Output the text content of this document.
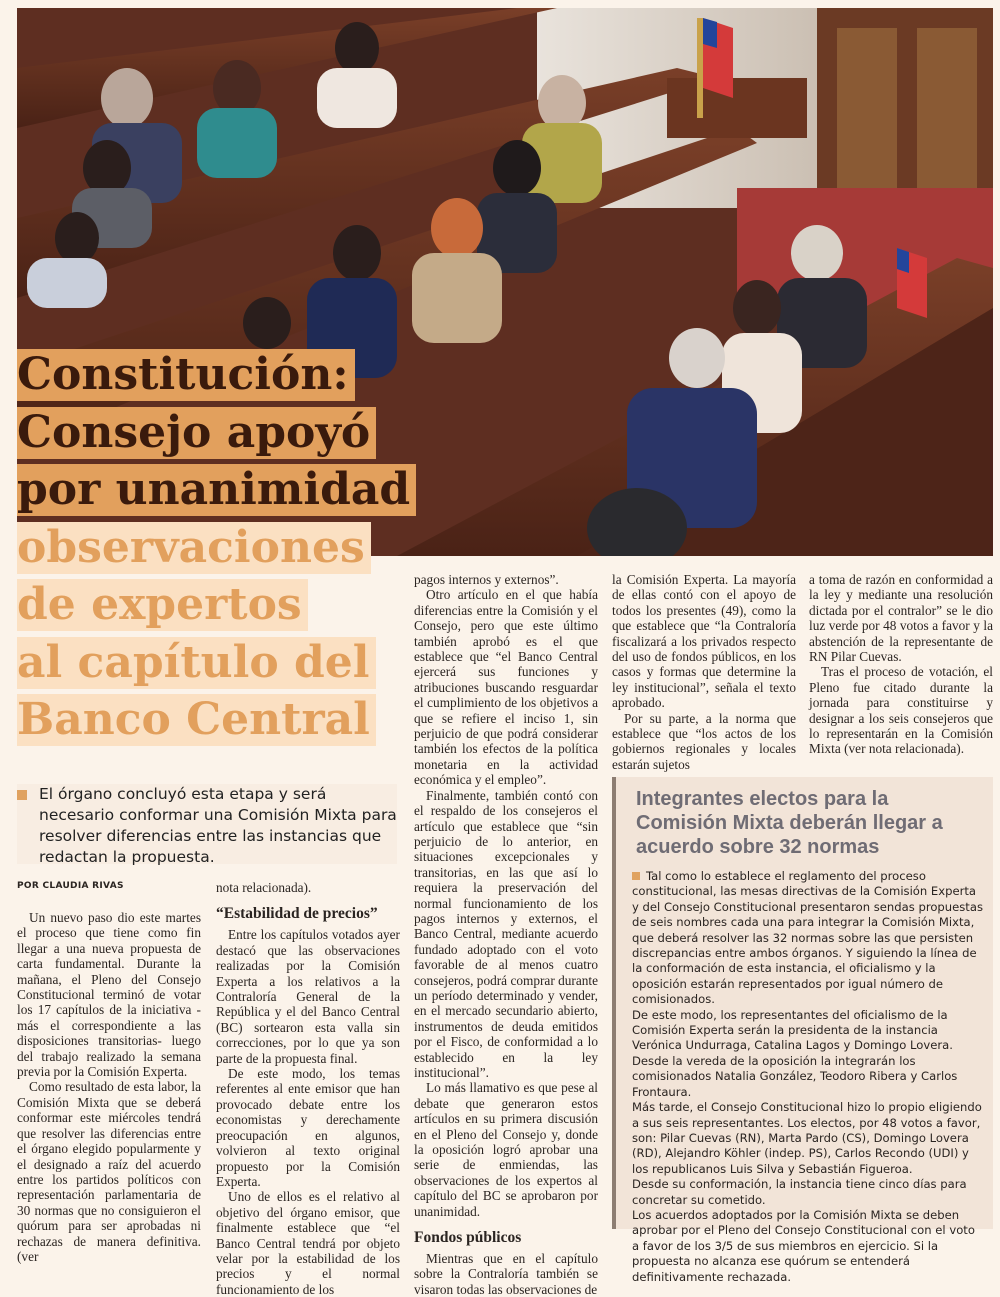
Constitución:
Consejo apoyó
por unanimidad
observaciones
de expertos
al capítulo del
Banco Central
El órgano concluyó esta etapa y será necesario conformar una Comisión Mixta para resolver diferencias entre las instancias que redactan la propuesta.
POR CLAUDIA RIVAS

Un nuevo paso dio este martes el proceso que tiene como fin llegar a una nueva propuesta de carta fundamental. Durante la mañana, el Pleno del Consejo Constitucional terminó de votar los 17 capítulos de la iniciativa -más el correspondiente a las disposiciones transitorias- luego del trabajo realizado la semana previa por la Comisión Experta.

Como resultado de esta labor, la Comisión Mixta que se deberá conformar este miércoles tendrá que resolver las diferencias entre el órgano elegido popularmente y el designado a raíz del acuerdo entre los partidos políticos con representación parlamentaria de 30 normas que no consiguieron el quórum para ser aprobadas ni rechazas de manera definitiva. (ver

nota relacionada).

“Estabilidad de precios”

Entre los capítulos votados ayer destacó que las observaciones realizadas por la Comisión Experta a los relativos a la Contraloría General de la República y el del Banco Central (BC) sortearon esta valla sin correcciones, por lo que ya son parte de la propuesta final.

De este modo, los temas referentes al ente emisor que han provocado debate entre los economistas y derechamente preocupación en algunos, volvieron al texto original propuesto por la Comisión Experta.

Uno de ellos es el relativo al objetivo del órgano emisor, que finalmente establece que “el Banco Central tendrá por objeto velar por la estabilidad de los precios y el normal funcionamiento de los

pagos internos y externos”.

Otro artículo en el que había diferencias entre la Comisión y el Consejo, pero que este último también aprobó es el que establece que “el Banco Central ejercerá sus funciones y atribuciones buscando resguardar el cumplimiento de los objetivos a que se refiere el inciso 1, sin perjuicio de que podrá considerar también los efectos de la política monetaria en la actividad económica y el empleo”.

Finalmente, también contó con el respaldo de los consejeros el artículo que establece que “sin perjuicio de lo anterior, en situaciones excepcionales y transitorias, en las que así lo requiera la preservación del normal funcionamiento de los pagos internos y externos, el Banco Central, mediante acuerdo fundado adoptado con el voto favorable de al menos cuatro consejeros, podrá comprar durante un período determinado y vender, en el mercado secundario abierto, instrumentos de deuda emitidos por el Fisco, de conformidad a lo establecido en la ley institucional”.

Lo más llamativo es que pese al debate que generaron estos artículos en su primera discusión en el Pleno del Consejo y, donde la oposición logró aprobar una serie de enmiendas, las observaciones de los expertos al capítulo del BC se aprobaron por unanimidad.

Fondos públicos

Mientras que en el capítulo sobre la Contraloría también se visaron todas las observaciones de

la Comisión Experta. La mayoría de ellas contó con el apoyo de todos los presentes (49), como la que establece que “la Contraloría fiscalizará a los privados respecto del uso de fondos públicos, en los casos y formas que determine la ley institucional”, señala el texto aprobado.

Por su parte, a la norma que establece que “los actos de los gobiernos regionales y locales estarán sujetos

a toma de razón en conformidad a la ley y mediante una resolución dictada por el contralor” se le dio luz verde por 48 votos a favor y la abstención de la representante de RN Pilar Cuevas.

Tras el proceso de votación, el Pleno fue citado durante la jornada para constituirse y designar a los seis consejeros que lo representarán en la Comisión Mixta (ver nota relacionada).

Integrantes electos para la Comisión Mixta deberán llegar a acuerdo sobre 32 normas

Tal como lo establece el reglamento del proceso constitucional, las mesas directivas de la Comisión Experta y del Consejo Constitucional presentaron sendas propuestas de seis nombres cada una para integrar la Comisión Mixta, que deberá resolver las 32 normas sobre las que persisten discrepancias entre ambos órganos. Y siguiendo la línea de la conformación de esta instancia, el oficialismo y la oposición estarán representados por igual número de comisionados.

De este modo, los representantes del oficialismo de la Comisión Experta serán la presidenta de la instancia Verónica Undurraga, Catalina Lagos y Domingo Lovera.

Desde la vereda de la oposición la integrarán los comisionados Natalia González, Teodoro Ribera y Carlos Frontaura.

Más tarde, el Consejo Constitucional hizo lo propio eligiendo a sus seis representantes. Los electos, por 48 votos a favor, son: Pilar Cuevas (RN), Marta Pardo (CS), Domingo Lovera (RD), Alejandro Köhler (indep. PS), Carlos Recondo (UDI) y los republicanos Luis Silva y Sebastián Figueroa.

Desde su conformación, la instancia tiene cinco días para concretar su cometido.

Los acuerdos adoptados por la Comisión Mixta se deben aprobar por el Pleno del Consejo Constitucional con el voto a favor de los 3/5 de sus miembros en ejercicio. Si la propuesta no alcanza ese quórum se entenderá definitivamente rechazada.
